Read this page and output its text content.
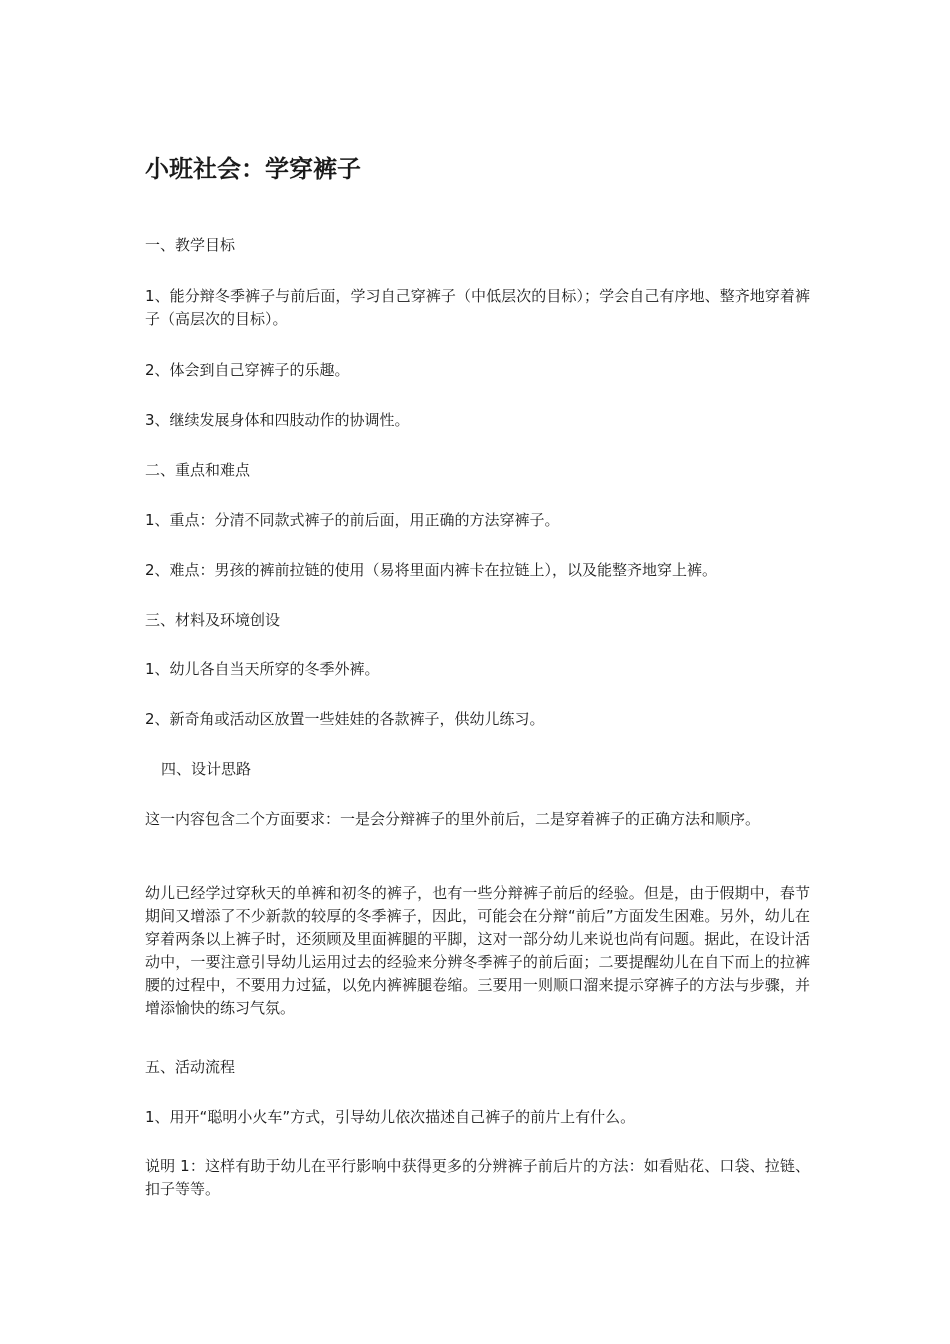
小班社会：学穿裤子

一、教学目标

1、能分辩冬季裤子与前后面，学习自己穿裤子（中低层次的目标）；学会自己有序地、整齐地穿着裤子（高层次的目标）。

2、体会到自己穿裤子的乐趣。

3、继续发展身体和四肢动作的协调性。

二、重点和难点

1、重点：分清不同款式裤子的前后面，用正确的方法穿裤子。

2、难点：男孩的裤前拉链的使用（易将里面内裤卡在拉链上），以及能整齐地穿上裤。

三、材料及环境创设

1、幼儿各自当天所穿的冬季外裤。

2、新奇角或活动区放置一些娃娃的各款裤子，供幼儿练习。

四、设计思路

这一内容包含二个方面要求：一是会分辩裤子的里外前后，二是穿着裤子的正确方法和顺序。

幼儿已经学过穿秋天的单裤和初冬的裤子，也有一些分辩裤子前后的经验。但是，由于假期中，春节期间又增添了不少新款的较厚的冬季裤子，因此，可能会在分辩“前后”方面发生困难。另外，幼儿在穿着两条以上裤子时，还须顾及里面裤腿的平脚，这对一部分幼儿来说也尚有问题。据此，在设计活动中，一要注意引导幼儿运用过去的经验来分辨冬季裤子的前后面；二要提醒幼儿在自下而上的拉裤腰的过程中，不要用力过猛，以免内裤裤腿卷缩。三要用一则顺口溜来提示穿裤子的方法与步骤，并增添愉快的练习气氛。

五、活动流程

1、用开“聪明小火车”方式，引导幼儿依次描述自己裤子的前片上有什么。

说明 1：这样有助于幼儿在平行影响中获得更多的分辨裤子前后片的方法：如看贴花、口袋、拉链、扣子等等。
